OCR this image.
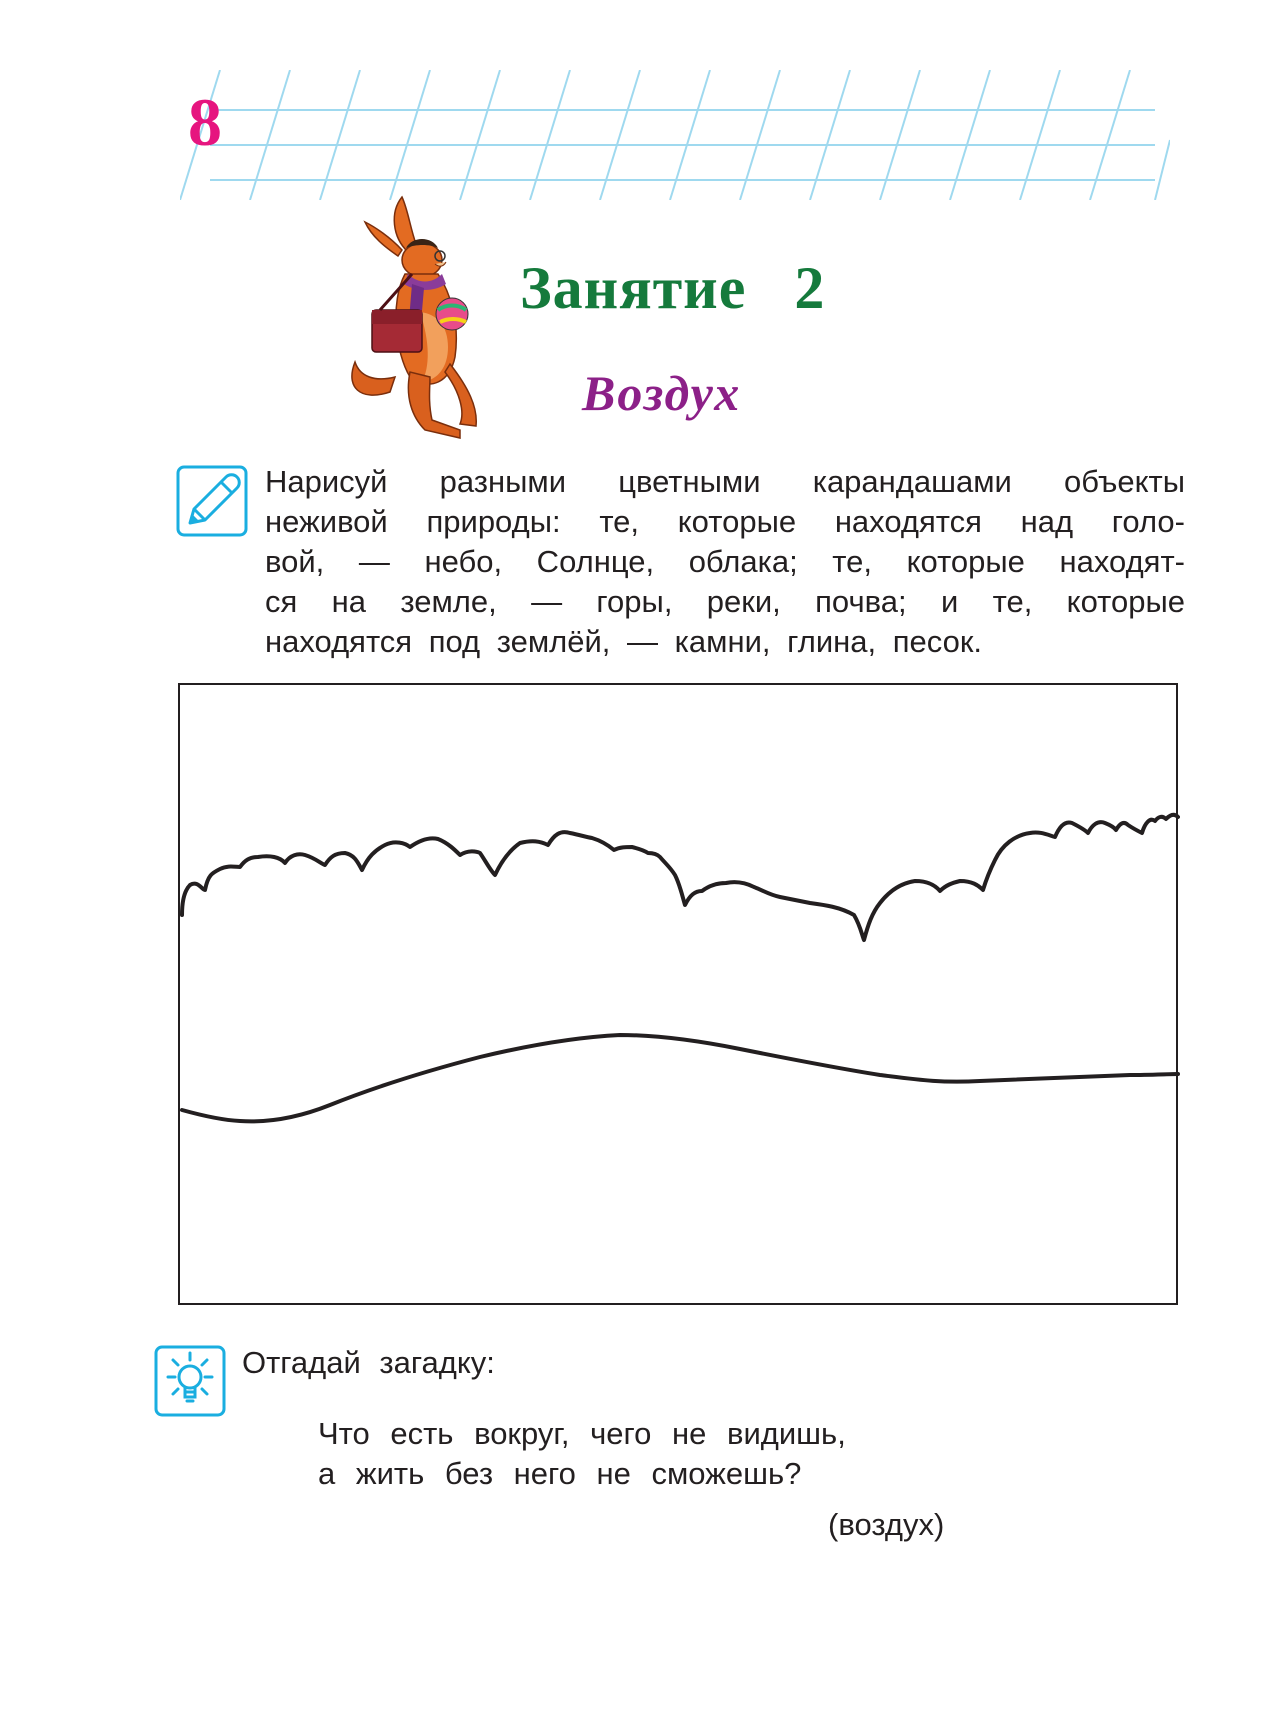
8
Занятие   2
Воздух
Нарисуй разными цветными карандашами объекты
неживой природы: те, которые находятся над голо-
вой, — небо, Солнце, облака; те, которые находят-
ся на земле, — горы, реки, почва; и те, которые
находятся под землёй, — камни, глина, песок.
Отгадай загадку:
Что есть вокруг, чего не видишь,
а жить без него не сможешь?
(воздух)
